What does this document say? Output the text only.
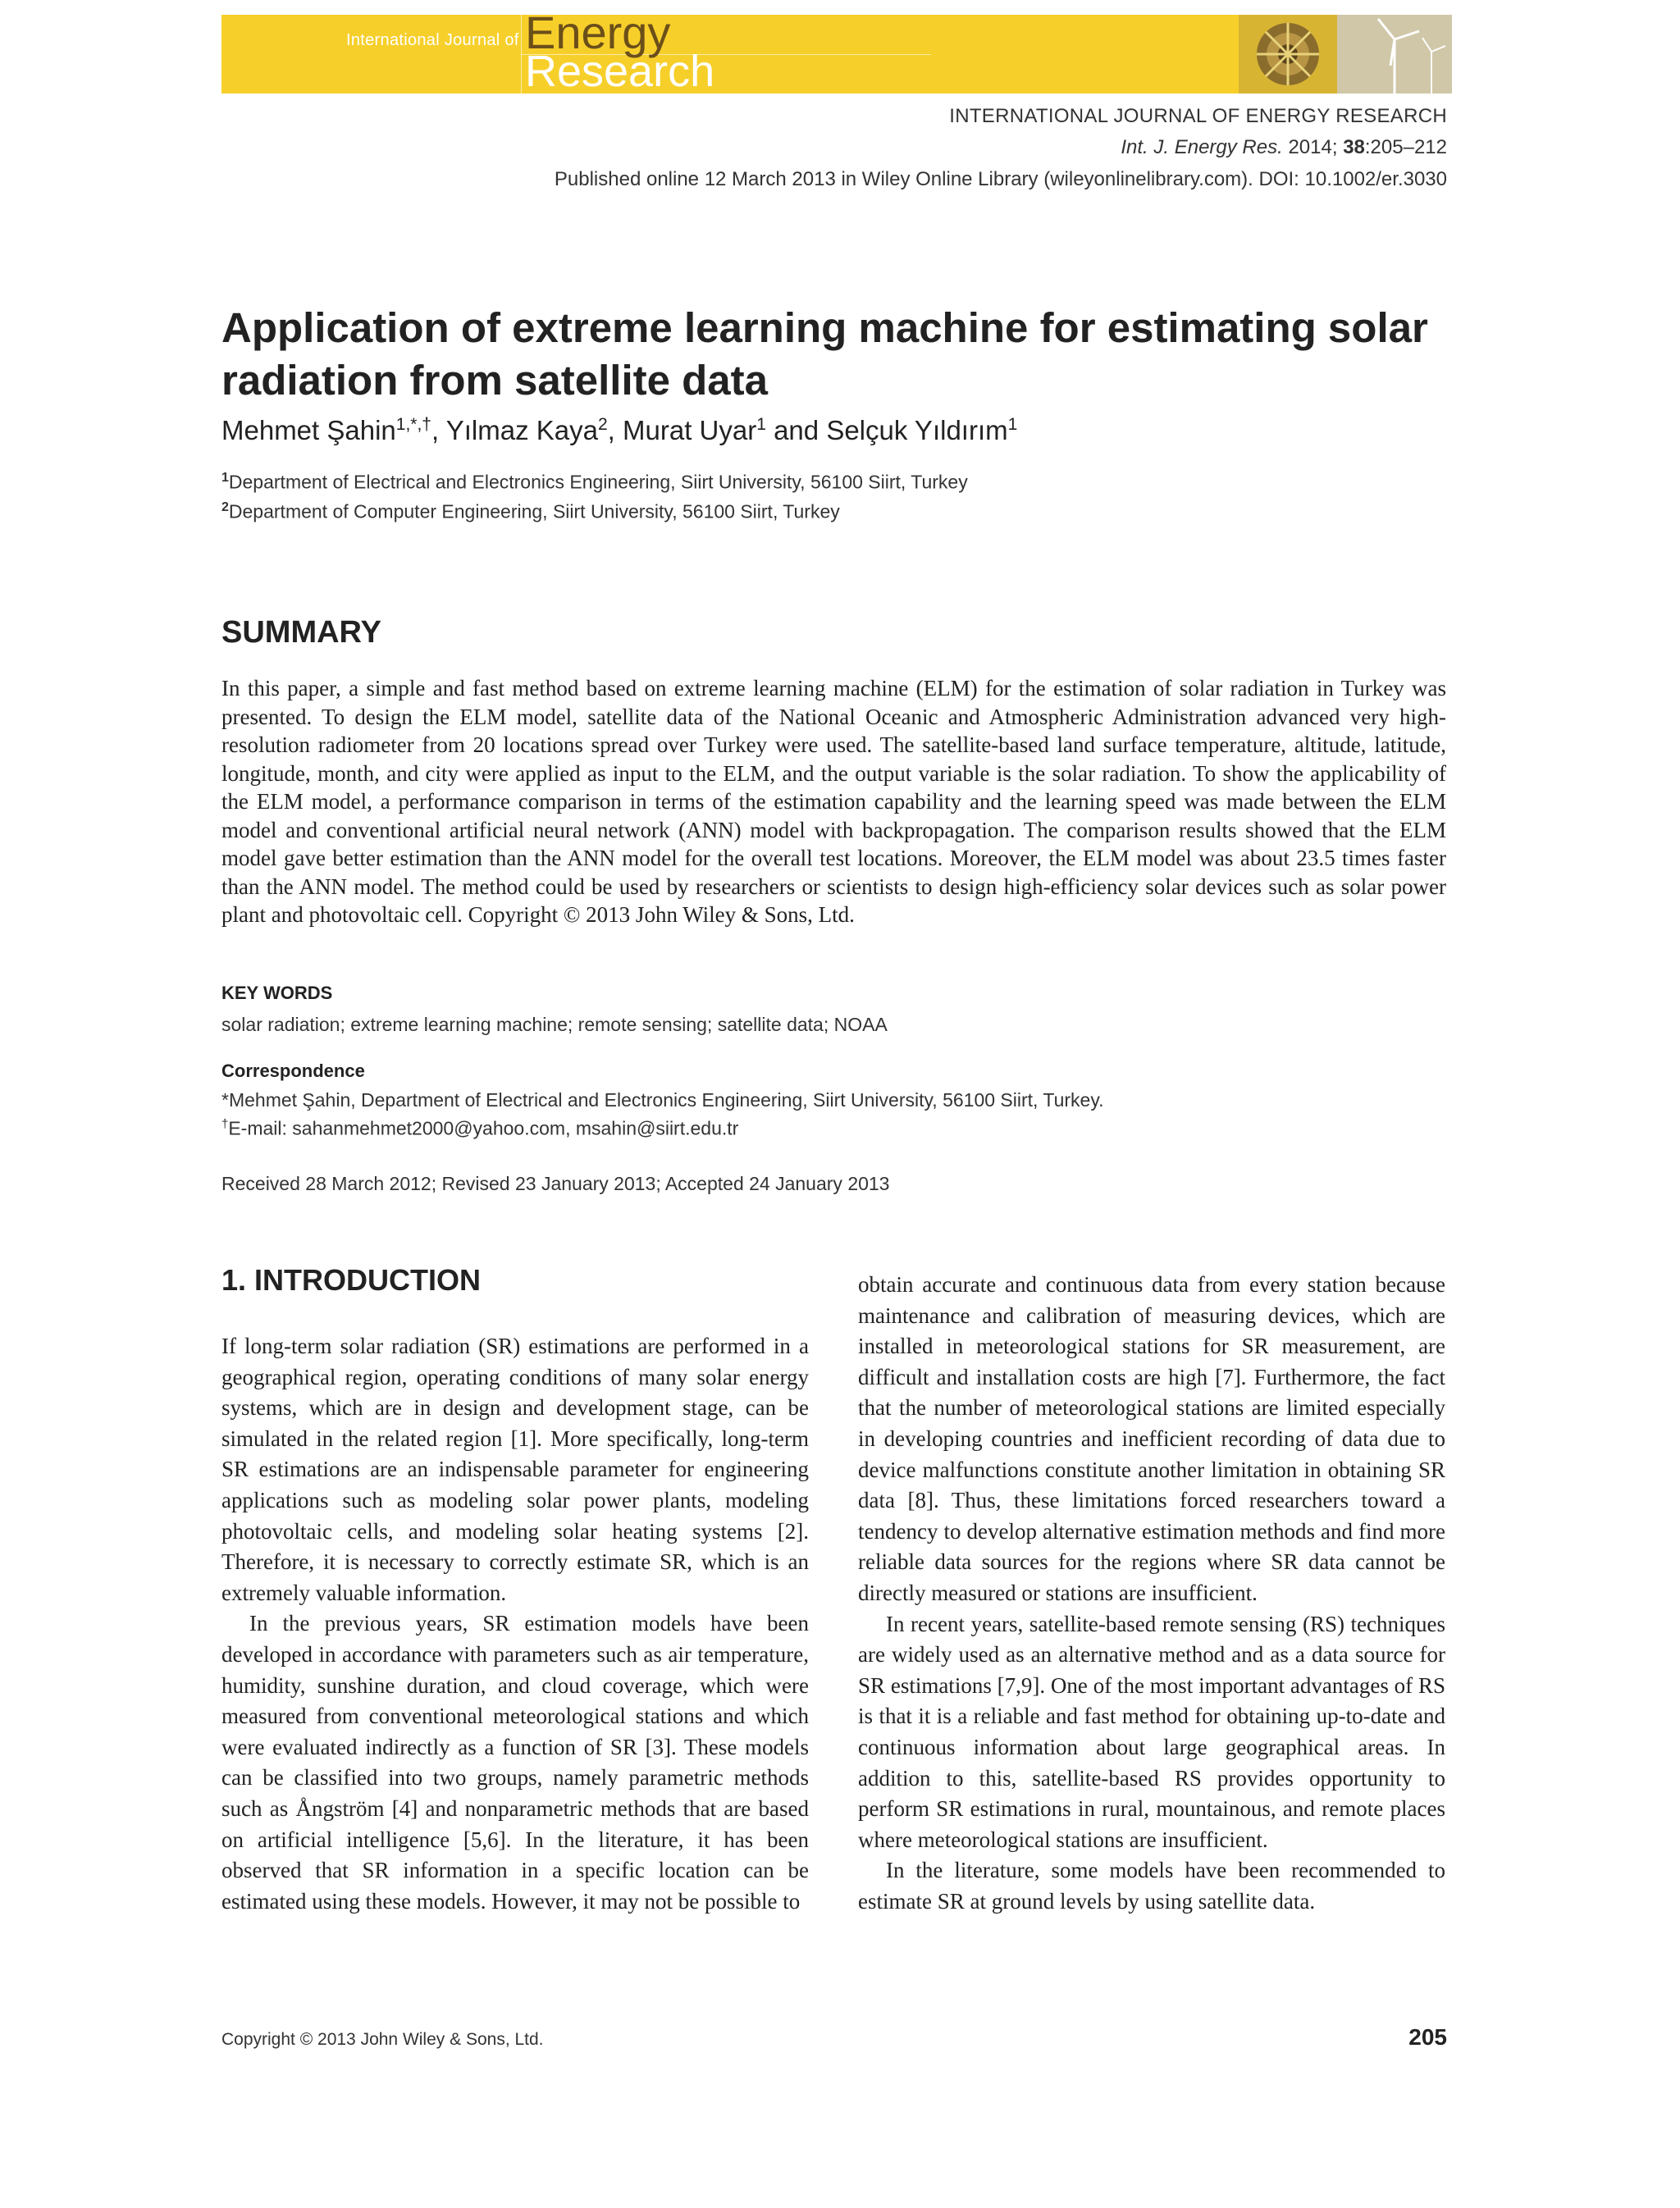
International Journal of Energy
Research
INTERNATIONAL JOURNAL OF ENERGY RESEARCH
Int. J. Energy Res. 2014; 38:205–212
Published online 12 March 2013 in Wiley Online Library (wileyonlinelibrary.com). DOI: 10.1002/er.3030
Application of extreme learning machine for estimating solar radiation from satellite data
Mehmet Şahin$^{1,*,\dagger}$, Yılmaz Kaya$^2$, Murat Uyar$^1$ and Selçuk Yıldırım$^1$
$^1$Department of Electrical and Electronics Engineering, Siirt University, 56100 Siirt, Turkey
$^2$Department of Computer Engineering, Siirt University, 56100 Siirt, Turkey
SUMMARY
In this paper, a simple and fast method based on extreme learning machine (ELM) for the estimation of solar radiation in Turkey was presented. To design the ELM model, satellite data of the National Oceanic and Atmospheric Administration advanced very high-resolution radiometer from 20 locations spread over Turkey were used. The satellite-based land surface temperature, altitude, latitude, longitude, month, and city were applied as input to the ELM, and the output variable is the solar radiation. To show the applicability of the ELM model, a performance comparison in terms of the estimation capability and the learning speed was made between the ELM model and conventional artificial neural network (ANN) model with backpropagation. The comparison results showed that the ELM model gave better estimation than the ANN model for the overall test locations. Moreover, the ELM model was about 23.5 times faster than the ANN model. The method could be used by researchers or scientists to design high-efficiency solar devices such as solar power plant and photovoltaic cell. Copyright © 2013 John Wiley & Sons, Ltd.
KEY WORDS
solar radiation; extreme learning machine; remote sensing; satellite data; NOAA
Correspondence
*Mehmet Şahin, Department of Electrical and Electronics Engineering, Siirt University, 56100 Siirt, Turkey.
†E-mail: sahanmehmet2000@yahoo.com, msahin@siirt.edu.tr
Received 28 March 2012; Revised 23 January 2013; Accepted 24 January 2013
1. INTRODUCTION

If long-term solar radiation (SR) estimations are performed in a geographical region, operating conditions of many solar energy systems, which are in design and development stage, can be simulated in the related region [1]. More specifically, long-term SR estimations are an indispensable parameter for engineering applications such as modeling solar power plants, modeling photovoltaic cells, and modeling solar heating systems [2]. Therefore, it is necessary to correctly estimate SR, which is an extremely valuable information.

In the previous years, SR estimation models have been developed in accordance with parameters such as air temperature, humidity, sunshine duration, and cloud coverage, which were measured from conventional meteorological stations and which were evaluated indirectly as a function of SR [3]. These models can be classified into two groups, namely parametric methods such as Ångström [4] and nonparametric methods that are based on artificial intelligence [5,6]. In the literature, it has been observed that SR information in a specific location can be estimated using these models. However, it may not be possible to

obtain accurate and continuous data from every station because maintenance and calibration of measuring devices, which are installed in meteorological stations for SR measurement, are difficult and installation costs are high [7]. Furthermore, the fact that the number of meteorological stations are limited especially in developing countries and inefficient recording of data due to device malfunctions constitute another limitation in obtaining SR data [8]. Thus, these limitations forced researchers toward a tendency to develop alternative estimation methods and find more reliable data sources for the regions where SR data cannot be directly measured or stations are insufficient.

In recent years, satellite-based remote sensing (RS) techniques are widely used as an alternative method and as a data source for SR estimations [7,9]. One of the most important advantages of RS is that it is a reliable and fast method for obtaining up-to-date and continuous information about large geographical areas. In addition to this, satellite-based RS provides opportunity to perform SR estimations in rural, mountainous, and remote places where meteorological stations are insufficient.

In the literature, some models have been recommended to estimate SR at ground levels by using satellite data.

Copyright © 2013 John Wiley & Sons, Ltd.	205
